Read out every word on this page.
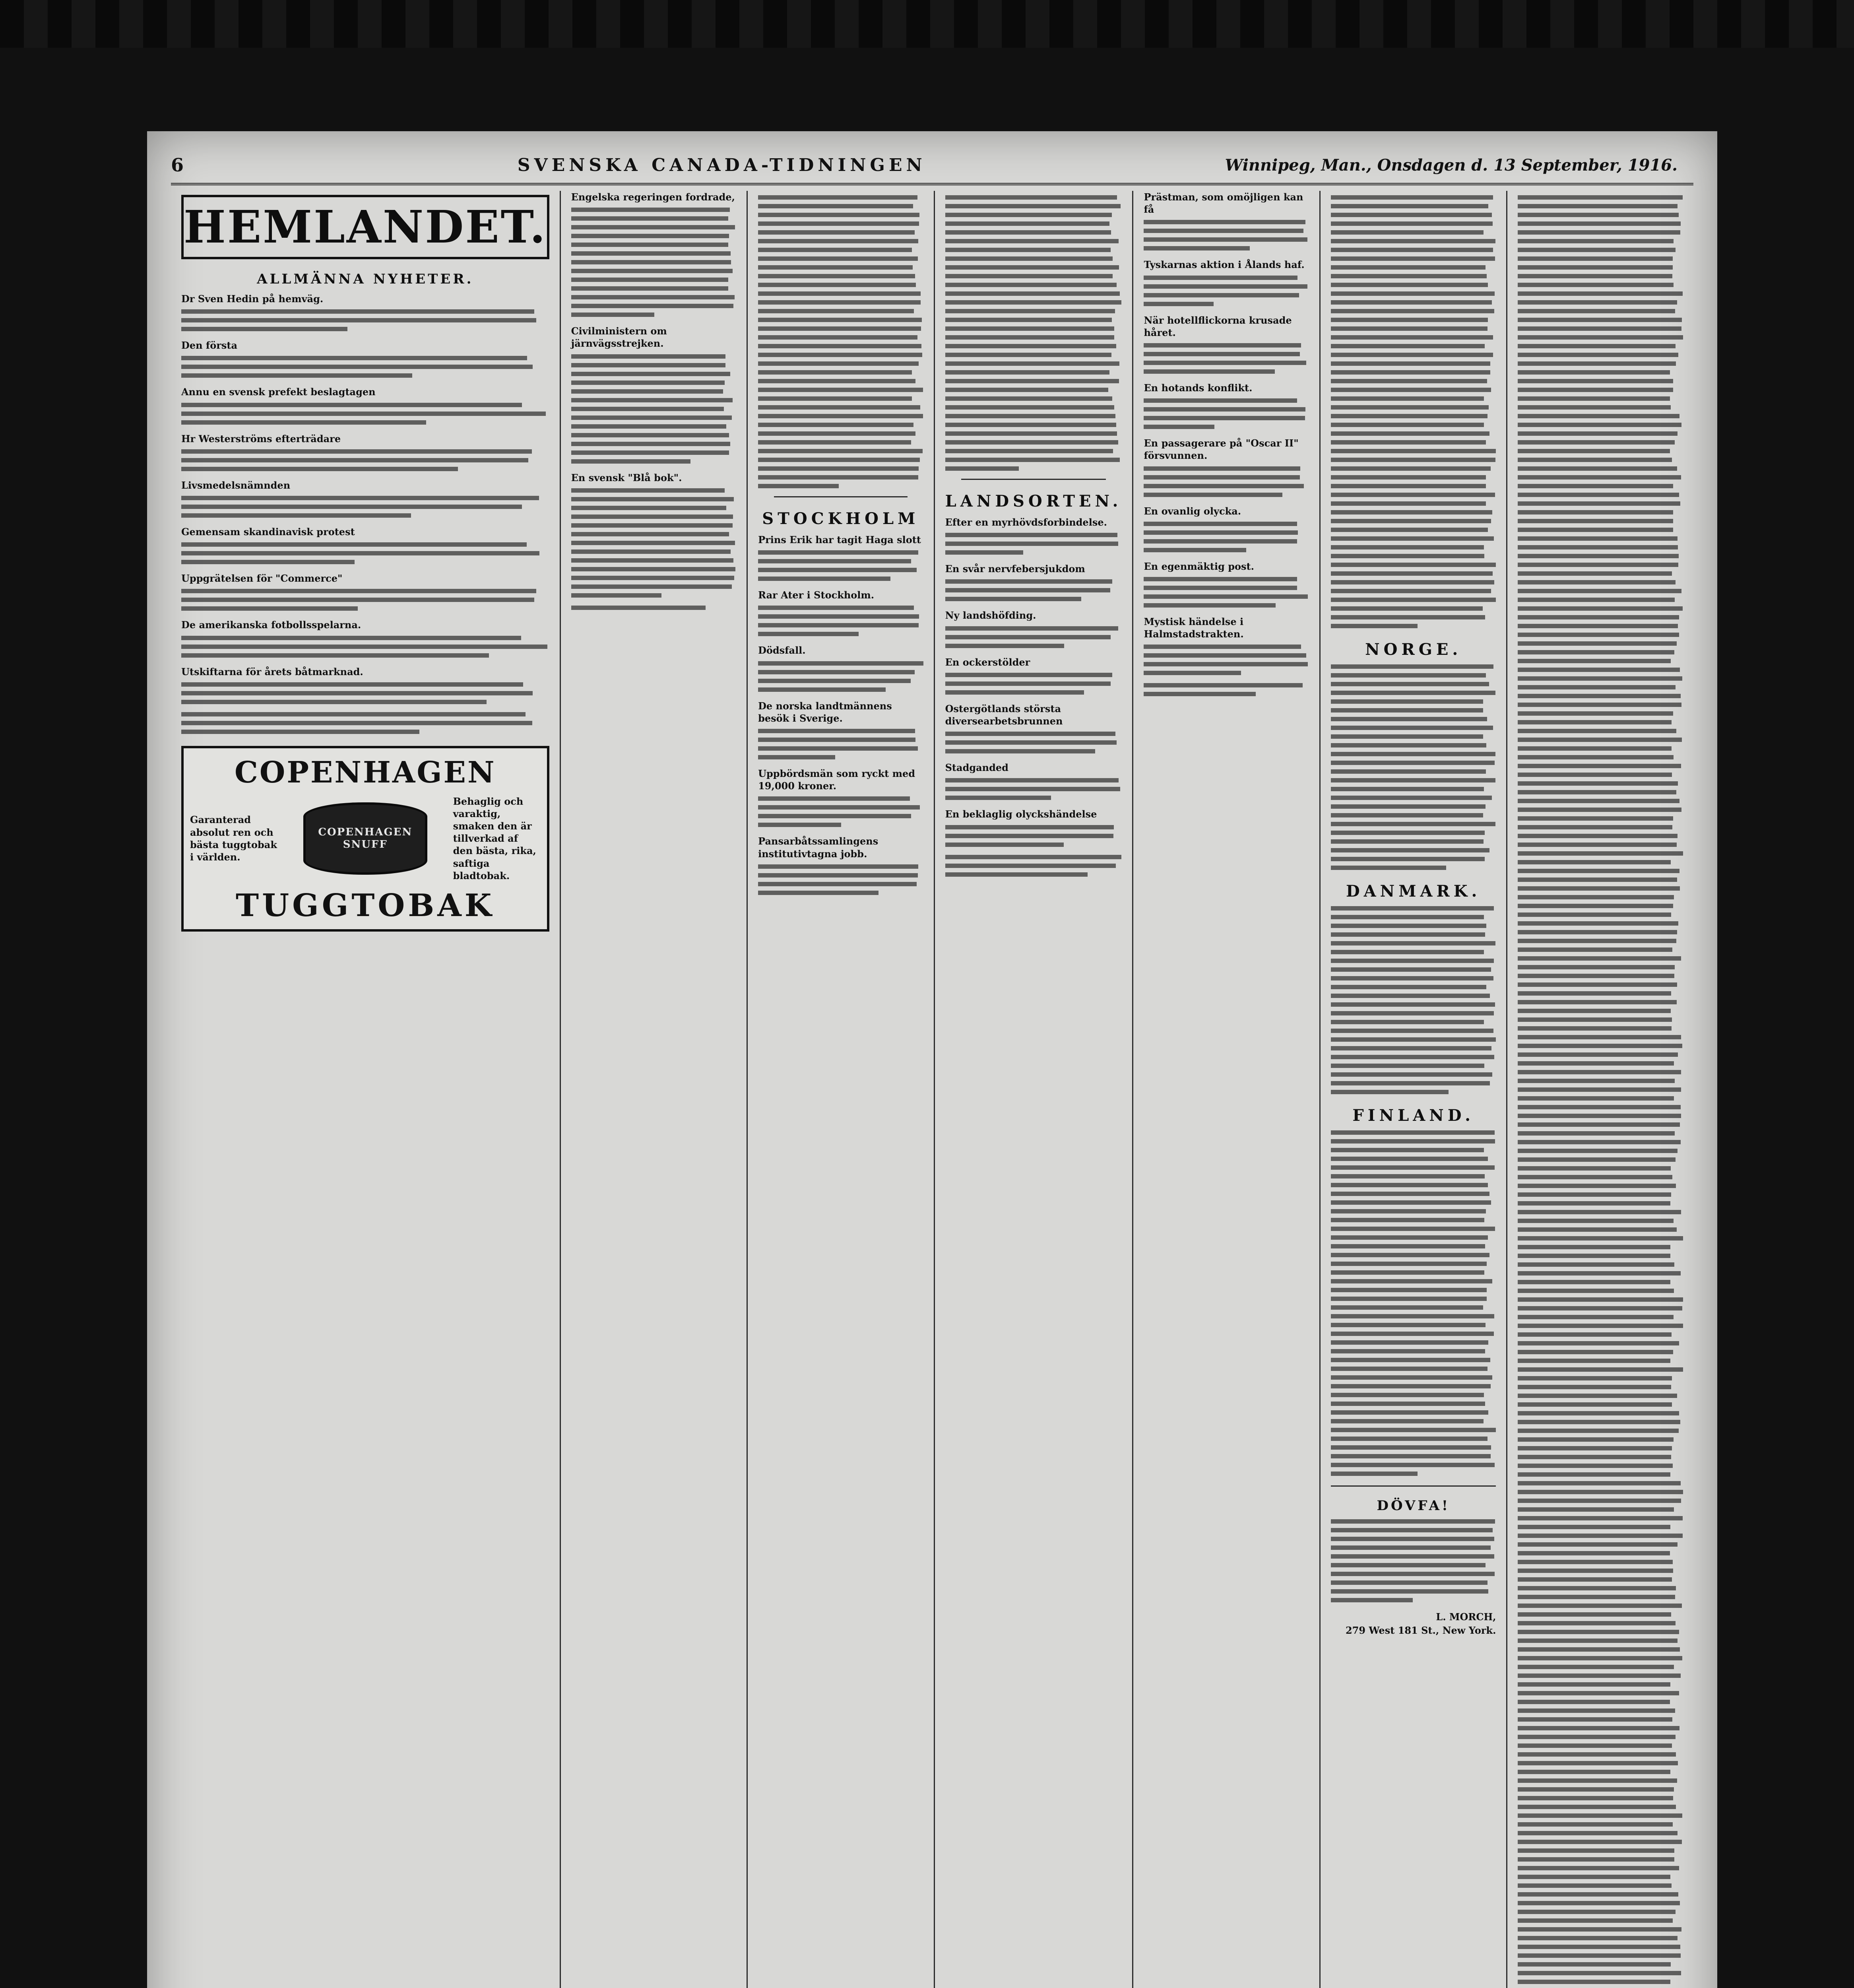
6	SVENSKA CANADA-TIDNINGEN	Winnipeg, Man., Onsdagen d. 13 September, 1916.
HEMLANDET.
ALLMÄNNA NYHETER.
Dr Sven Hedin på hemväg.
Den första
Annu en svensk prefekt beslagtagen
Hr Westerströms efterträdare
Livsmedelsnämnden
Gemensam skandinavisk protest
Uppgrätelsen för "Commerce"
De amerikanska fotbollsspelarna.
Utskiftarna för årets båtmarknad.
COPENHAGEN
Garanterad absolut ren och bästa tuggtobak i världen.
COPENHAGEN
SNUFF
Behaglig och varaktig, smaken den är tillverkad af den bästa, rika, saftiga bladtobak.
TUGGTOBAK
Engelska regeringen fordrade,
Civilministern om järnvägsstrejken.
En svensk "Blå bok".
STOCKHOLM
Prins Erik har tagit Haga slott
Rar Ater i Stockholm.
Dödsfall.
De norska landtmännens besök i Sverige.
Uppbördsmän som ryckt med 19,000 kroner.
Pansarbåtssamlingens institutivtagna jobb.
LANDSORTEN.
Efter en myrhövdsforbindelse.
En svår nervfebersjukdom
Ny landshöfding.
En ockerstölder
Ostergötlands största diversearbetsbrunnen
Stadganded
En beklaglig olyckshändelse
Prästman, som omöjligen kan få
Tyskarnas aktion i Ålands haf.
När hotellflickorna krusade håret.
En hotands konflikt.
En passagerare på "Oscar II" försvunnen.
En ovanlig olycka.
En egenmäktig post.
Mystisk händelse i Halmstadstrakten.
NORGE.
DANMARK.
FINLAND.
DÖVFA!
L. MORCH,
279 West 181 St., New York.
